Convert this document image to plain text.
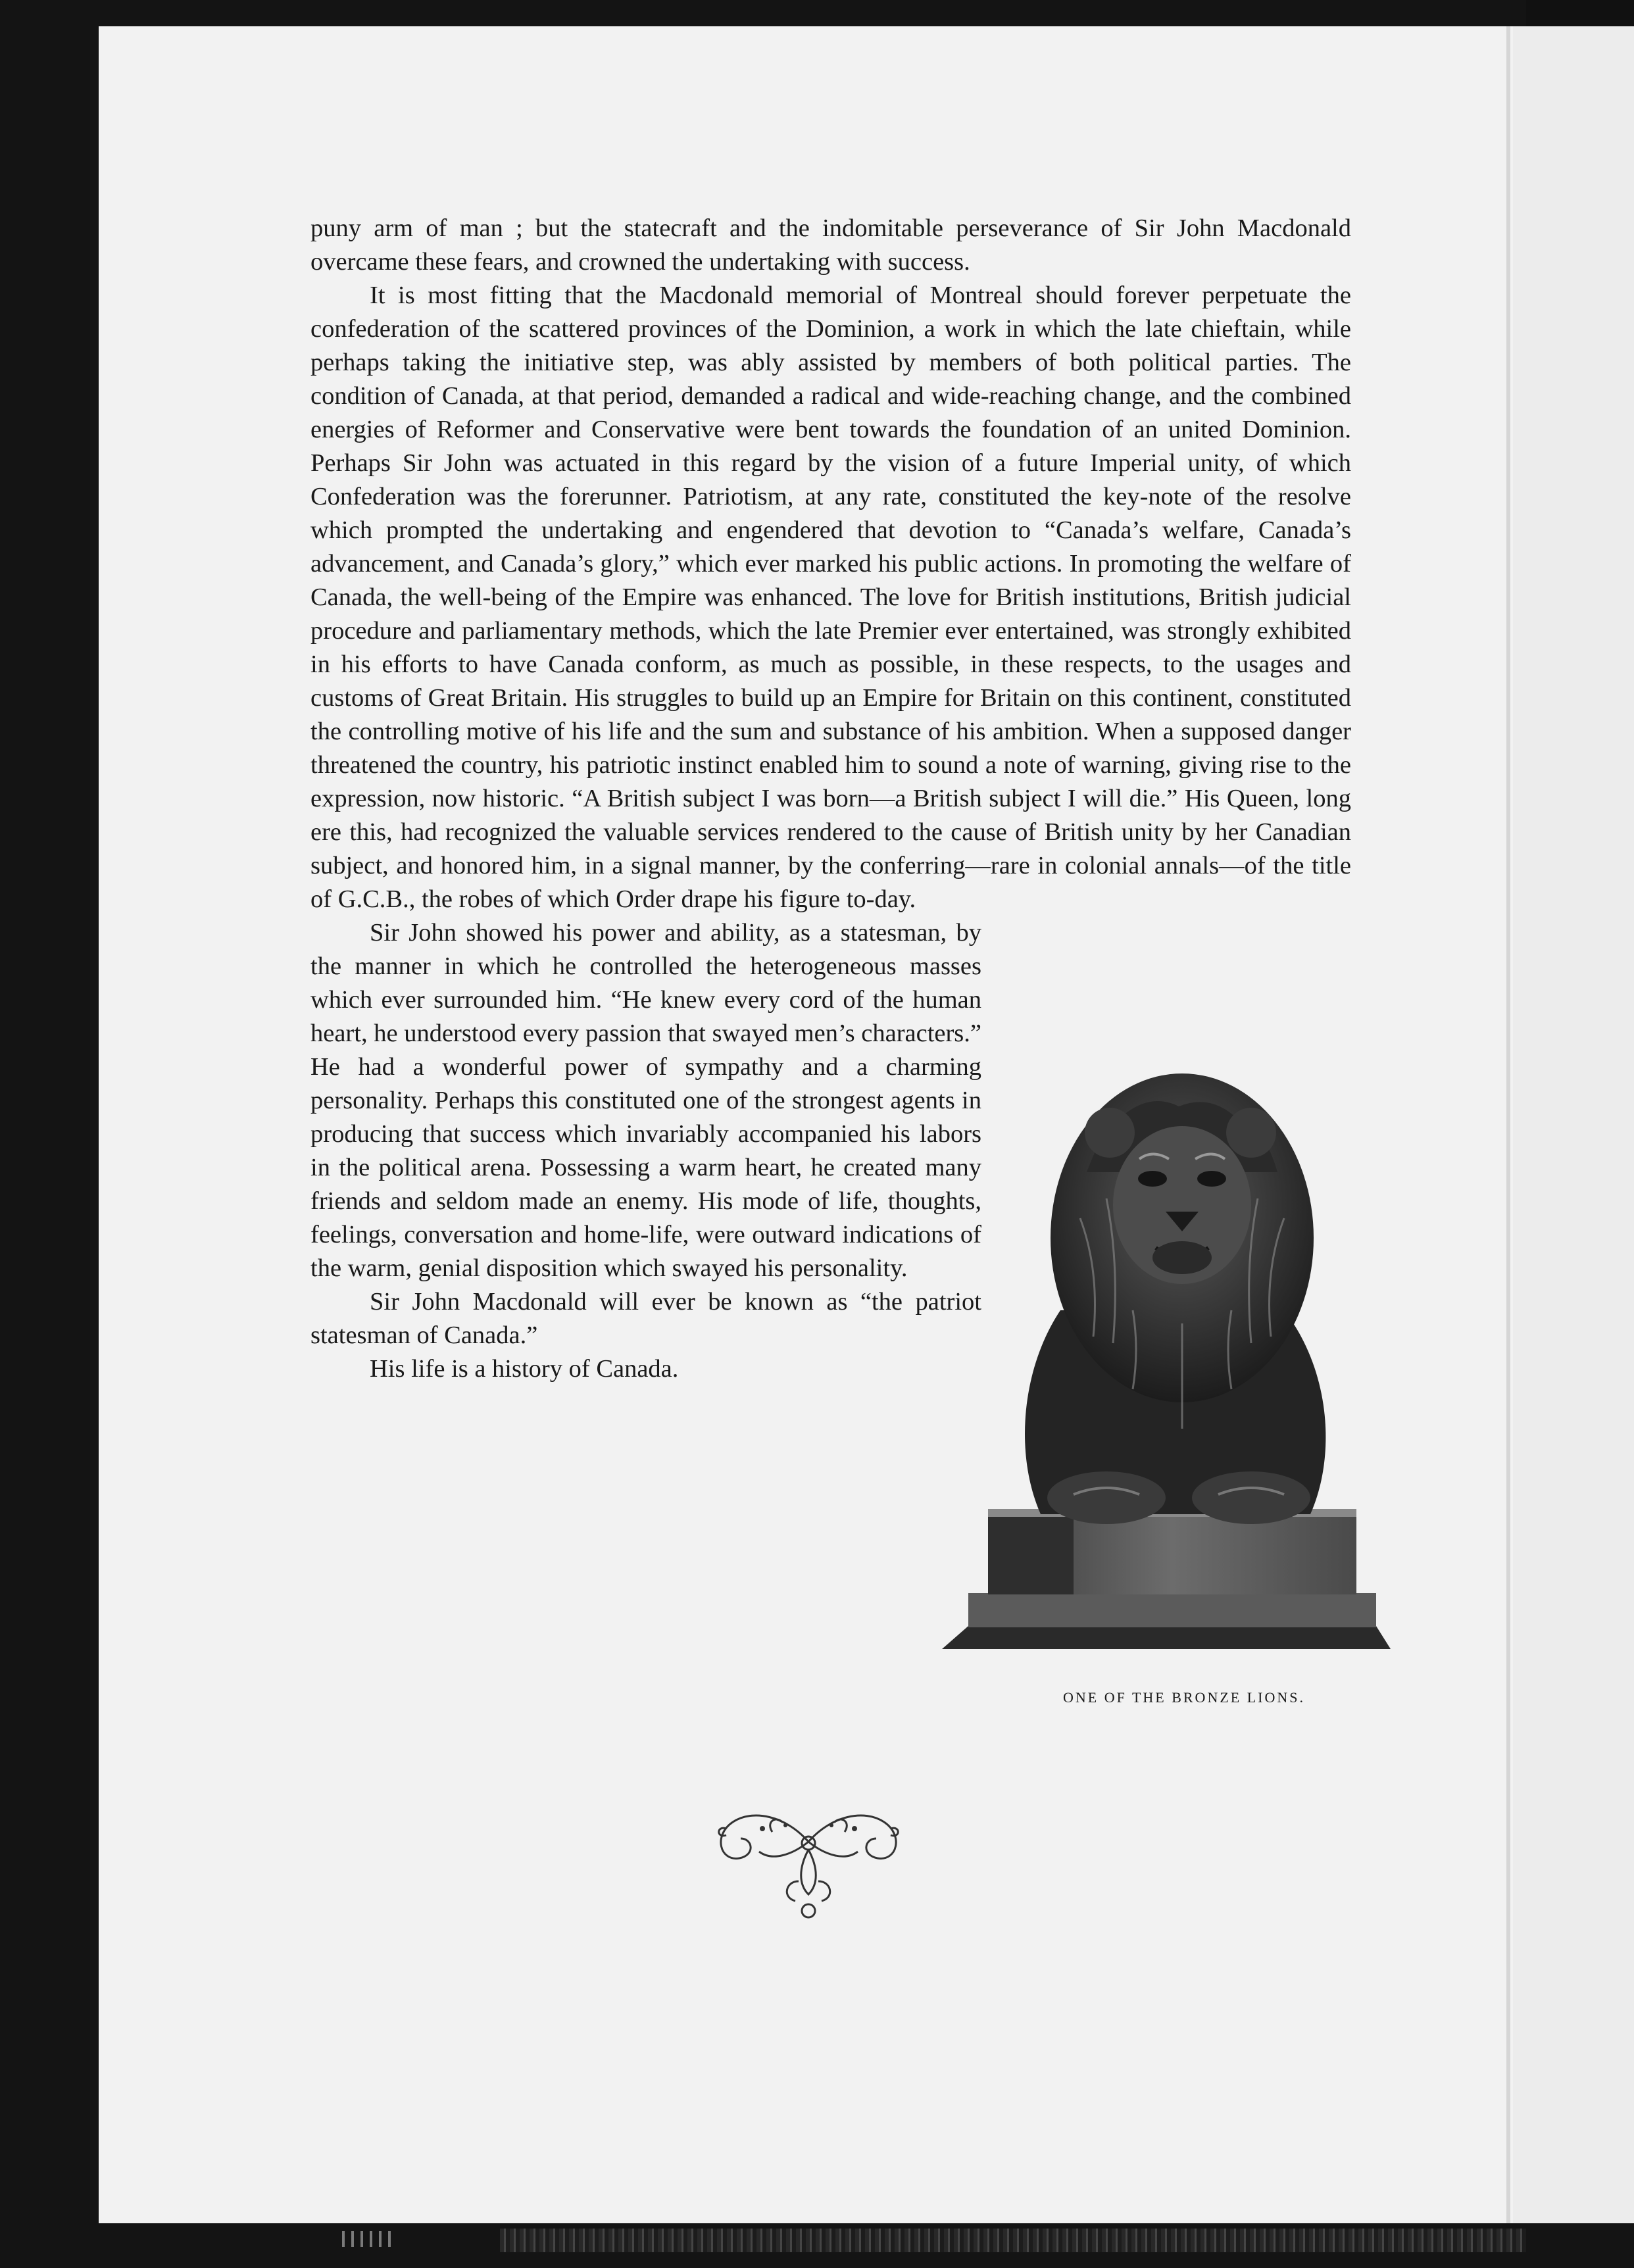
puny arm of man ; but the statecraft and the indomitable perseverance of Sir John Macdonald overcame these fears, and crowned the undertaking with success.

It is most fitting that the Macdonald memorial of Montreal should forever perpetuate the confederation of the scattered provinces of the Dominion, a work in which the late chieftain, while perhaps taking the initiative step, was ably assisted by members of both political parties. The condition of Canada, at that period, demanded a radical and wide-reaching change, and the combined energies of Reformer and Conservative were bent towards the foundation of an united Dominion. Perhaps Sir John was actuated in this regard by the vision of a future Imperial unity, of which Confederation was the forerunner. Patriotism, at any rate, constituted the key-note of the resolve which prompted the undertaking and engendered that devotion to “Canada’s welfare, Canada’s advancement, and Canada’s glory,” which ever marked his public actions. In promoting the welfare of Canada, the well-being of the Empire was enhanced. The love for British institutions, British judicial procedure and parliamentary methods, which the late Premier ever entertained, was strongly exhibited in his efforts to have Canada conform, as much as possible, in these respects, to the usages and customs of Great Britain. His struggles to build up an Empire for Britain on this continent, constituted the controlling motive of his life and the sum and substance of his ambition. When a supposed danger threatened the country, his patriotic instinct enabled him to sound a note of warning, giving rise to the expression, now historic. “A British subject I was born—a British subject I will die.” His Queen, long ere this, had recognized the valuable services rendered to the cause of British unity by her Canadian subject, and honored him, in a signal manner, by the conferring—rare in colonial annals—of the title of G.C.B., the robes of which Order drape his figure to-day.

Sir John showed his power and ability, as a statesman, by the manner in which he controlled the heterogeneous masses which ever surrounded him. “He knew every cord of the human heart, he understood every passion that swayed men’s characters.” He had a wonderful power of sympathy and a charming personality. Perhaps this constituted one of the strongest agents in producing that success which invariably accompanied his labors in the political arena. Possessing a warm heart, he created many friends and seldom made an enemy. His mode of life, thoughts, feelings, conversation and home-life, were outward indications of the warm, genial disposition which swayed his personality.

Sir John Macdonald will ever be known as “the patriot statesman of Canada.”

His life is a history of Canada.

ONE OF THE BRONZE LIONS.
